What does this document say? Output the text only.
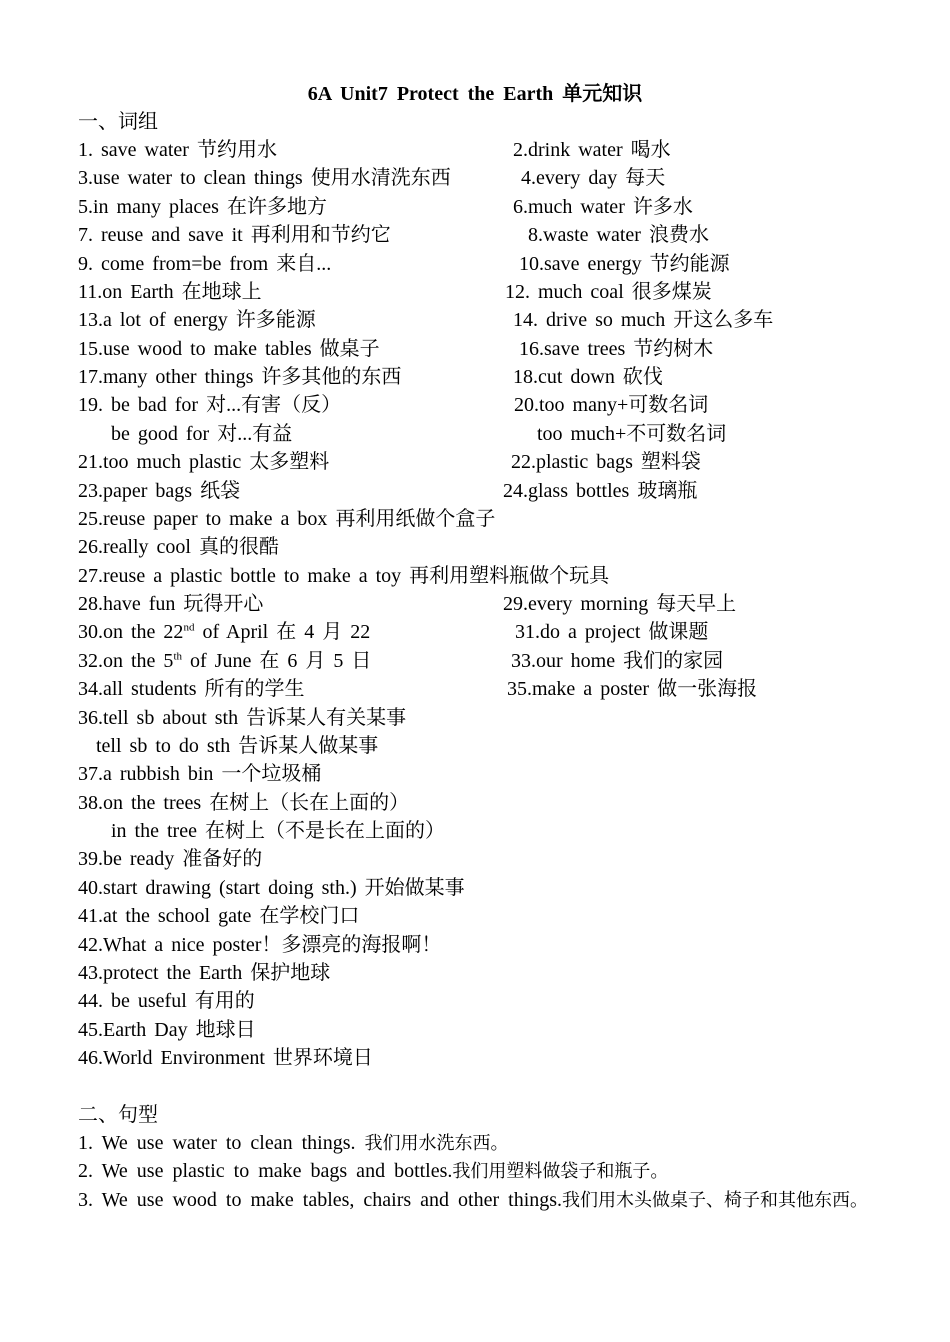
6A Unit7 Protect the Earth 单元知识
一、词组
1. save water 节约用水	2.drink water 喝水
3.use water to clean things 使用水清洗东西	4.every day 每天
5.in many places 在许多地方	6.much water 许多水
7. reuse and save it 再利用和节约它	8.waste water 浪费水
9. come from=be from 来自...	10.save energy 节约能源
11.on Earth 在地球上	12. much coal 很多煤炭
13.a lot of energy 许多能源	14. drive so much 开这么多车
15.use wood to make tables 做桌子	16.save trees 节约树木
17.many other things 许多其他的东西	18.cut down 砍伐
19. be bad for 对...有害（反）	20.too many+可数名词
be good for 对...有益	too much+不可数名词
21.too much plastic 太多塑料	22.plastic bags 塑料袋
23.paper bags 纸袋	24.glass bottles 玻璃瓶
25.reuse paper to make a box 再利用纸做个盒子
26.really cool 真的很酷
27.reuse a plastic bottle to make a toy 再利用塑料瓶做个玩具
28.have fun 玩得开心	29.every morning 每天早上
30.on the 22nd of April 在 4 月 22	31.do a project 做课题
32.on the 5th of June 在 6 月 5 日	33.our home 我们的家园
34.all students 所有的学生	35.make a poster 做一张海报
36.tell sb about sth 告诉某人有关某事
tell sb to do sth 告诉某人做某事
37.a rubbish bin 一个垃圾桶
38.on the trees 在树上（长在上面的）
in the tree 在树上（不是长在上面的）
39.be ready 准备好的
40.start drawing (start doing sth.) 开始做某事
41.at the school gate 在学校门口
42.What a nice poster！多漂亮的海报啊！
43.protect the Earth 保护地球
44. be useful 有用的
45.Earth Day 地球日
46.World Environment 世界环境日
二、句型
1. We use water to clean things. 我们用水洗东西。
2. We use plastic to make bags and bottles.我们用塑料做袋子和瓶子。
3. We use wood to make tables, chairs and other things.我们用木头做桌子、椅子和其他东西。
